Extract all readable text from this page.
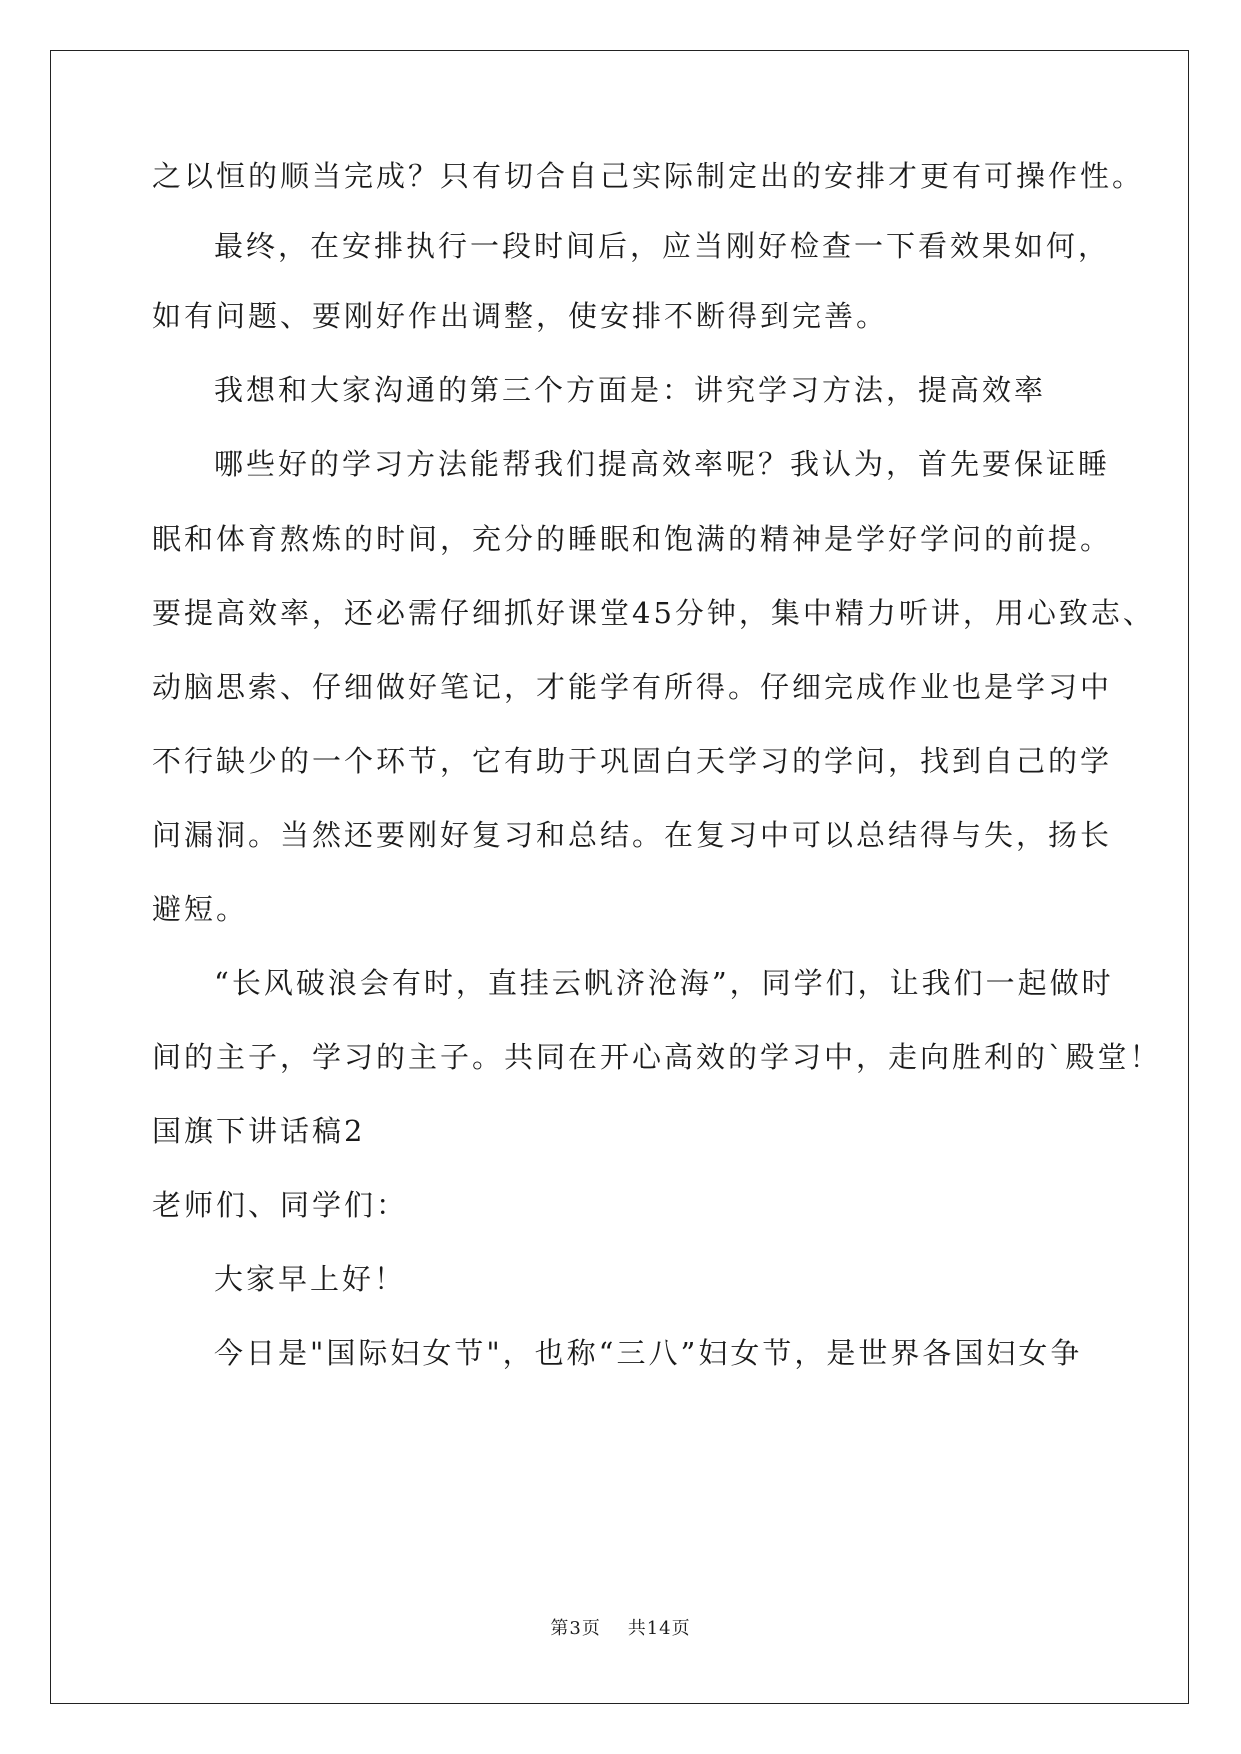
之以恒的顺当完成？只有切合自己实际制定出的安排才更有可操作性。
最终，在安排执行一段时间后，应当刚好检查一下看效果如何，
如有问题、要刚好作出调整，使安排不断得到完善。
我想和大家沟通的第三个方面是：讲究学习方法，提高效率
哪些好的学习方法能帮我们提高效率呢？我认为，首先要保证睡
眠和体育熬炼的时间，充分的睡眠和饱满的精神是学好学问的前提。
要提高效率，还必需仔细抓好课堂45分钟，集中精力听讲，用心致志、
动脑思索、仔细做好笔记，才能学有所得。仔细完成作业也是学习中
不行缺少的一个环节，它有助于巩固白天学习的学问，找到自己的学
问漏洞。当然还要刚好复习和总结。在复习中可以总结得与失，扬长
避短。
“长风破浪会有时，直挂云帆济沧海”，同学们，让我们一起做时
间的主子，学习的主子。共同在开心高效的学习中，走向胜利的`殿堂！
国旗下讲话稿2
老师们、同学们：
大家早上好！
今日是"国际妇女节"，也称“三八”妇女节，是世界各国妇女争
第3页    共14页
